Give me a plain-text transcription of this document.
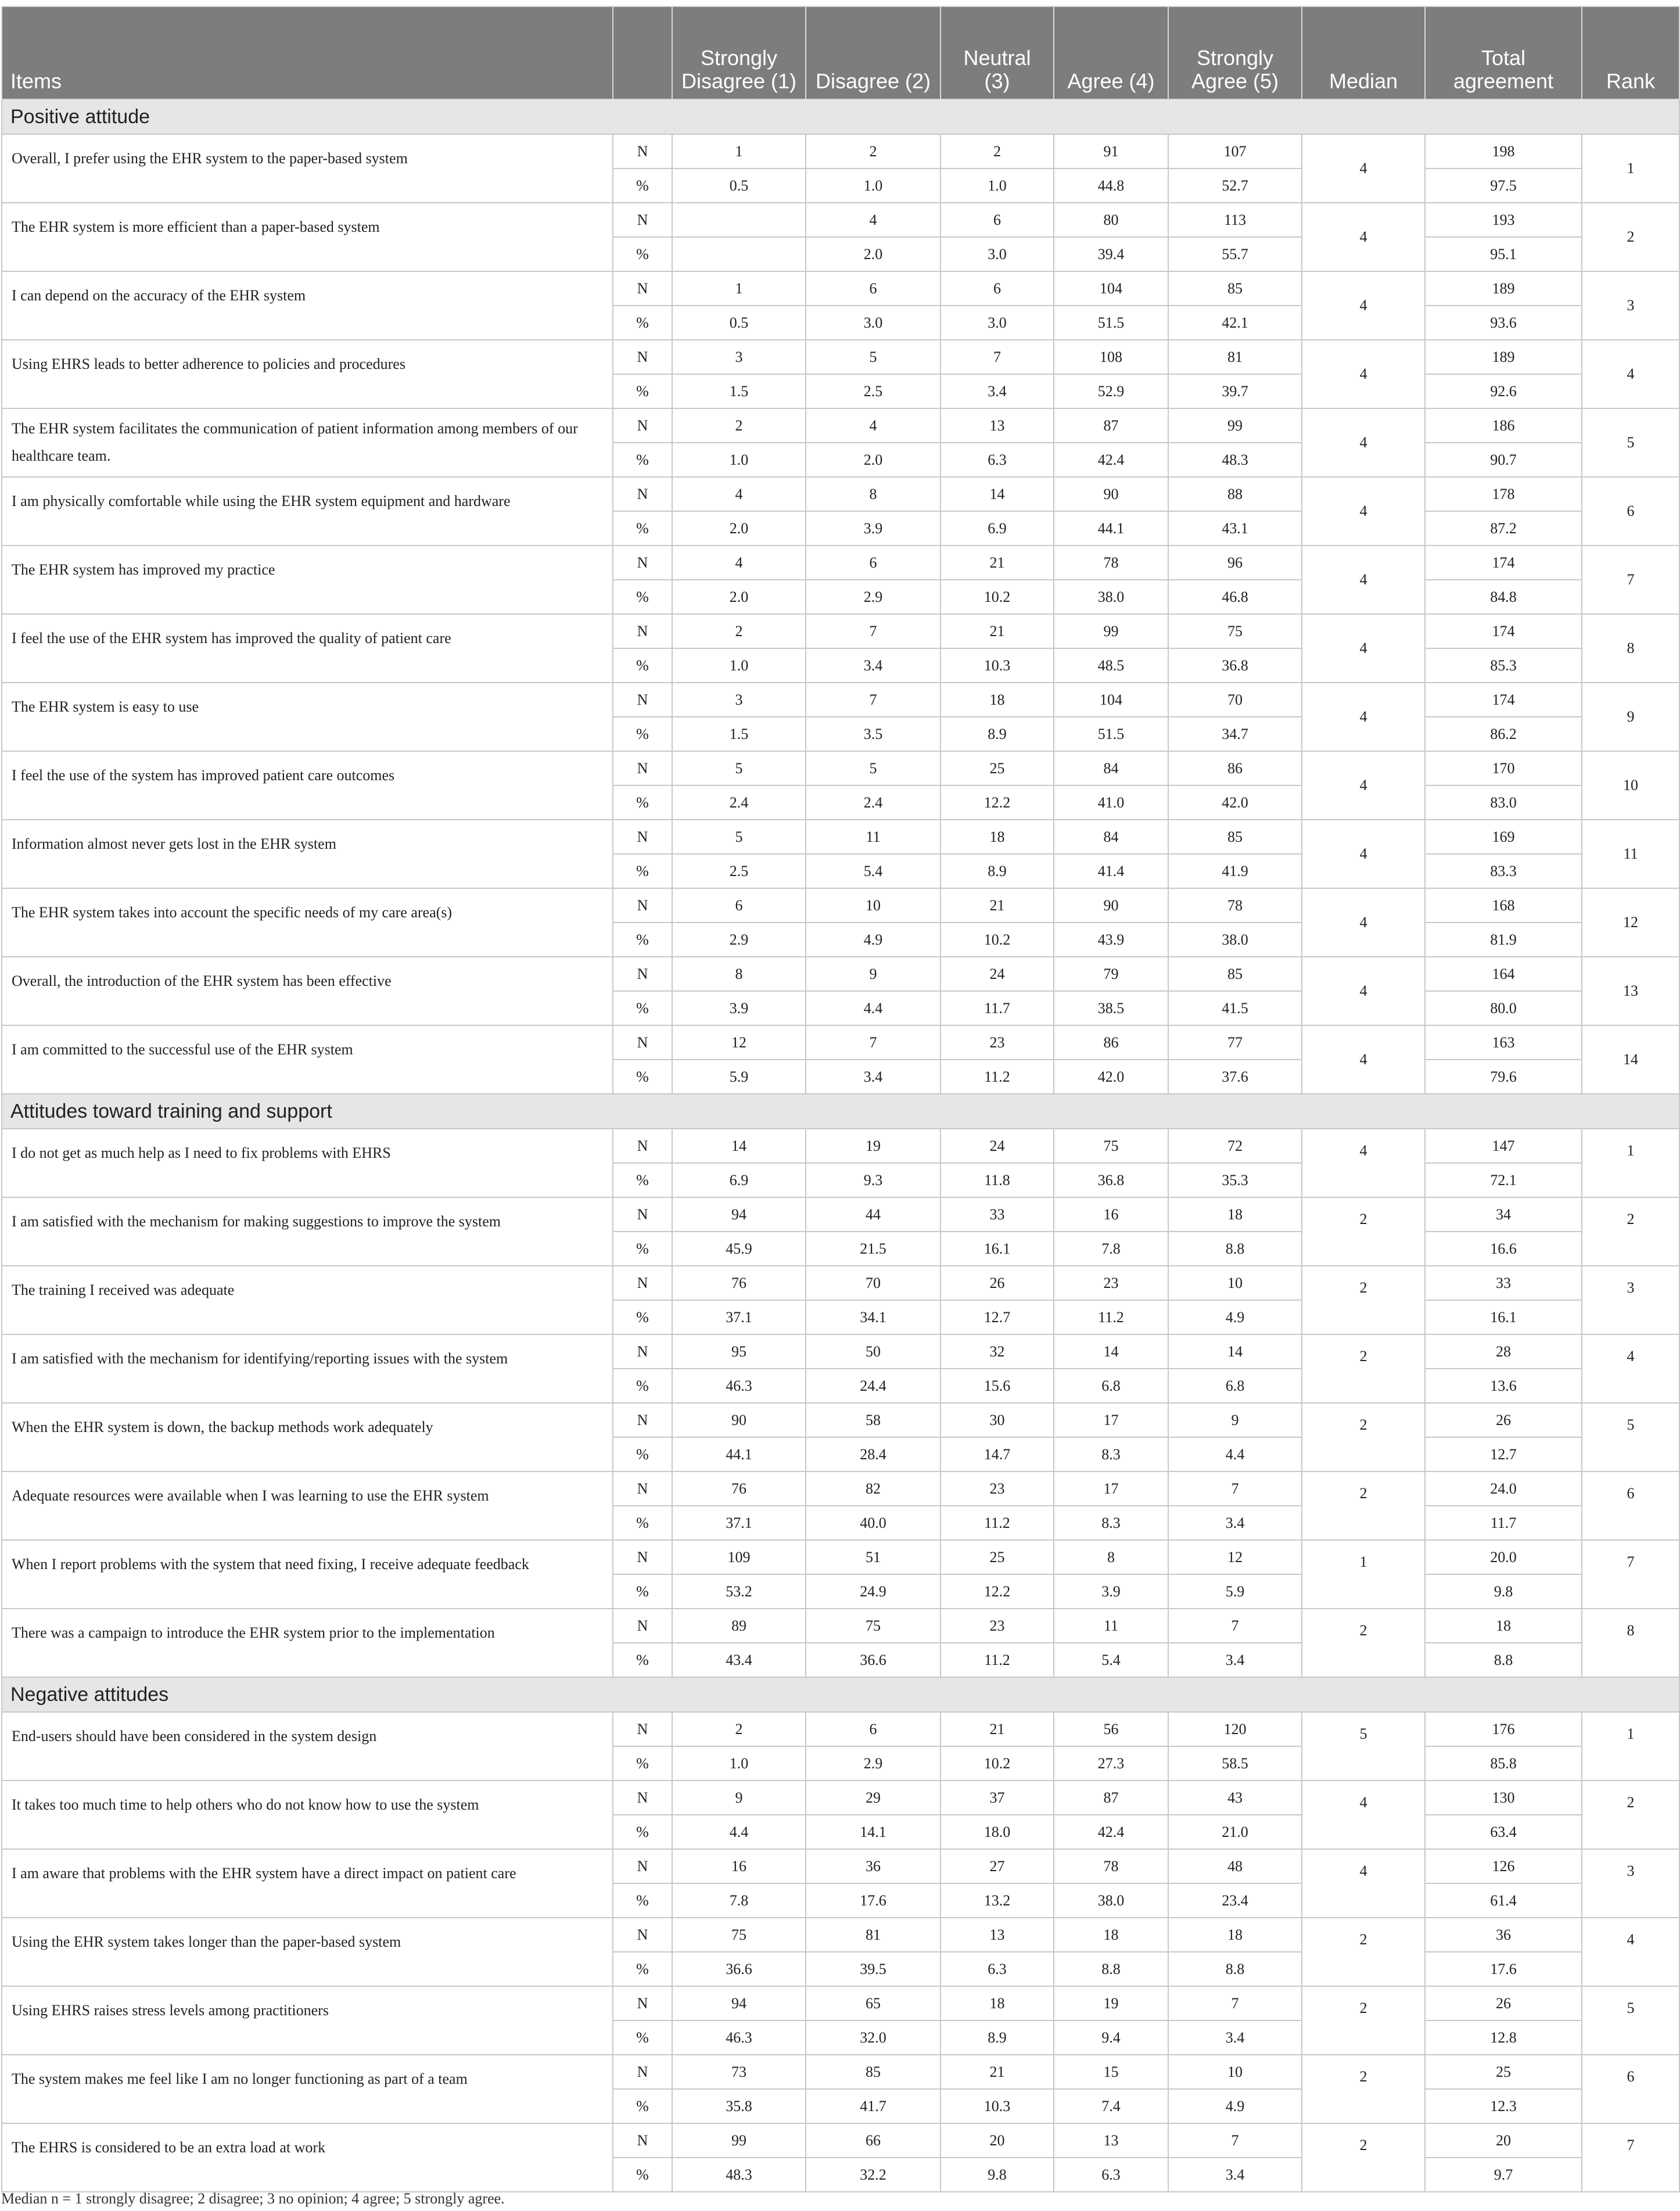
Items		Strongly Disagree (1)	Disagree (2)	Neutral (3)	Agree (4)	Strongly Agree (5)	Median	Total agreement	Rank
Positive attitude									
Overall, I prefer using the EHR system to the paper-based system	N	1	2	2	91	107	4	198	1
	%	0.5	1.0	1.0	44.8	52.7		97.5	
The EHR system is more efficient than a paper-based system	N		4	6	80	113	4	193	2
	%		2.0	3.0	39.4	55.7		95.1	
I can depend on the accuracy of the EHR system	N	1	6	6	104	85	4	189	3
	%	0.5	3.0	3.0	51.5	42.1		93.6	
Using EHRS leads to better adherence to policies and procedures	N	3	5	7	108	81	4	189	4
	%	1.5	2.5	3.4	52.9	39.7		92.6	
The EHR system facilitates the communication of patient information among members of our healthcare team.	N	2	4	13	87	99	4	186	5
	%	1.0	2.0	6.3	42.4	48.3		90.7	
I am physically comfortable while using the EHR system equipment and hardware	N	4	8	14	90	88	4	178	6
	%	2.0	3.9	6.9	44.1	43.1		87.2	
The EHR system has improved my practice	N	4	6	21	78	96	4	174	7
	%	2.0	2.9	10.2	38.0	46.8		84.8	
I feel the use of the EHR system has improved the quality of patient care	N	2	7	21	99	75	4	174	8
	%	1.0	3.4	10.3	48.5	36.8		85.3	
The EHR system is easy to use	N	3	7	18	104	70	4	174	9
	%	1.5	3.5	8.9	51.5	34.7		86.2	
I feel the use of the system has improved patient care outcomes	N	5	5	25	84	86	4	170	10
	%	2.4	2.4	12.2	41.0	42.0		83.0	
Information almost never gets lost in the EHR system	N	5	11	18	84	85	4	169	11
	%	2.5	5.4	8.9	41.4	41.9		83.3	
The EHR system takes into account the specific needs of my care area(s)	N	6	10	21	90	78	4	168	12
	%	2.9	4.9	10.2	43.9	38.0		81.9	
Overall, the introduction of the EHR system has been effective	N	8	9	24	79	85	4	164	13
	%	3.9	4.4	11.7	38.5	41.5		80.0	
I am committed to the successful use of the EHR system	N	12	7	23	86	77	4	163	14
	%	5.9	3.4	11.2	42.0	37.6		79.6	
Attitudes toward training and support									
I do not get as much help as I need to fix problems with EHRS	N	14	19	24	75	72	4	147	1
	%	6.9	9.3	11.8	36.8	35.3		72.1	
I am satisfied with the mechanism for making suggestions to improve the system	N	94	44	33	16	18	2	34	2
	%	45.9	21.5	16.1	7.8	8.8		16.6	
The training I received was adequate	N	76	70	26	23	10	2	33	3
	%	37.1	34.1	12.7	11.2	4.9		16.1	
I am satisfied with the mechanism for identifying/reporting issues with the system	N	95	50	32	14	14	2	28	4
	%	46.3	24.4	15.6	6.8	6.8		13.6	
When the EHR system is down, the backup methods work adequately	N	90	58	30	17	9	2	26	5
	%	44.1	28.4	14.7	8.3	4.4		12.7	
Adequate resources were available when I was learning to use the EHR system	N	76	82	23	17	7	2	24.0	6
	%	37.1	40.0	11.2	8.3	3.4		11.7	
When I report problems with the system that need fixing, I receive adequate feedback	N	109	51	25	8	12	1	20.0	7
	%	53.2	24.9	12.2	3.9	5.9		9.8	
There was a campaign to introduce the EHR system prior to the implementation	N	89	75	23	11	7	2	18	8
	%	43.4	36.6	11.2	5.4	3.4		8.8	
Negative attitudes									
End-users should have been considered in the system design	N	2	6	21	56	120	5	176	1
	%	1.0	2.9	10.2	27.3	58.5		85.8	
It takes too much time to help others who do not know how to use the system	N	9	29	37	87	43	4	130	2
	%	4.4	14.1	18.0	42.4	21.0		63.4	
I am aware that problems with the EHR system have a direct impact on patient care	N	16	36	27	78	48	4	126	3
	%	7.8	17.6	13.2	38.0	23.4		61.4	
Using the EHR system takes longer than the paper-based system	N	75	81	13	18	18	2	36	4
	%	36.6	39.5	6.3	8.8	8.8		17.6	
Using EHRS raises stress levels among practitioners	N	94	65	18	19	7	2	26	5
	%	46.3	32.0	8.9	9.4	3.4		12.8	
The system makes me feel like I am no longer functioning as part of a team	N	73	85	21	15	10	2	25	6
	%	35.8	41.7	10.3	7.4	4.9		12.3	
The EHRS is considered to be an extra load at work	N	99	66	20	13	7	2	20	7
	%	48.3	32.2	9.8	6.3	3.4		9.7	
Median n = 1 strongly disagree; 2 disagree; 3 no opinion; 4 agree; 5 strongly agree.
